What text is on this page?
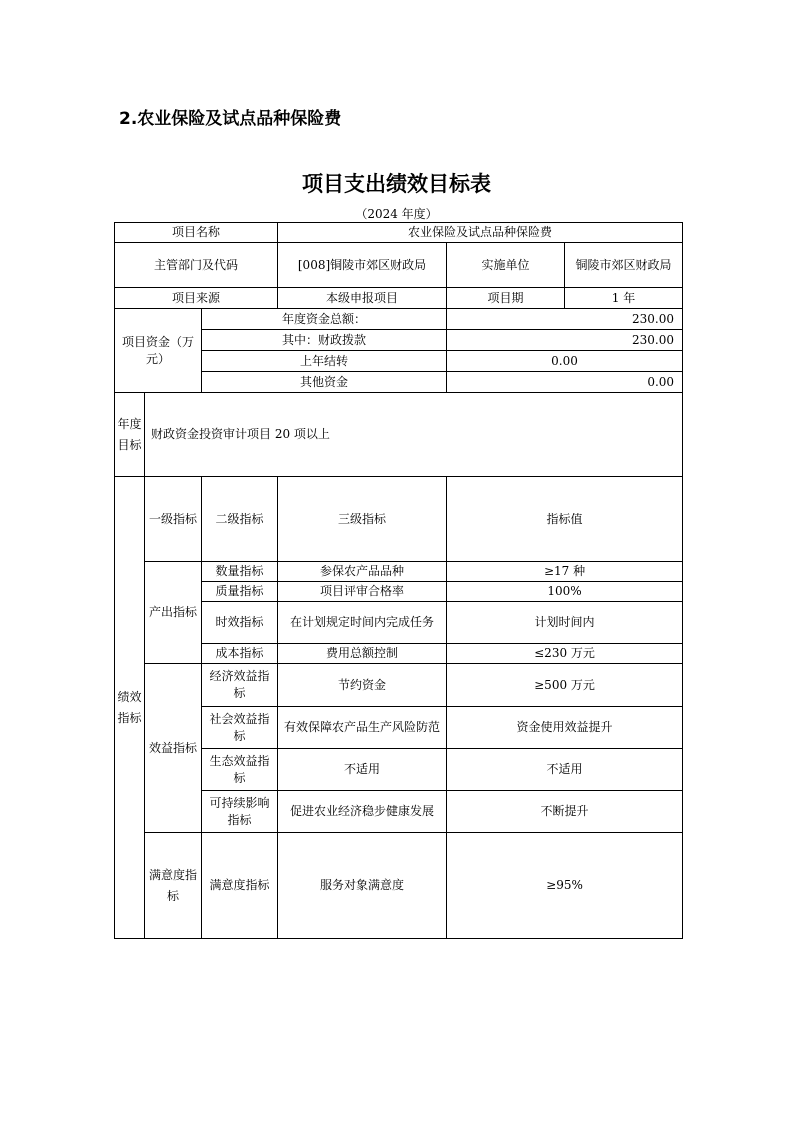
2.农业保险及试点品种保险费
项目支出绩效目标表
（2024 年度）
项目名称			农业保险及试点品种保险费		
主管部门及代码			[008]铜陵市郊区财政局	实施单位	铜陵市郊区财政局
项目来源			本级申报项目	项目期	1 年
项目资金（万元）		年度资金总额：		230.00	
		其中：财政拨款		230.00	
		上年结转		0.00	
		其他资金		0.00	
年度目标	财政资金投资审计项目 20 项以上				
绩效指标	一级指标	二级指标	三级指标	指标值	
	产出指标	数量指标	参保农产品品种	≥17 种	
		质量指标	项目评审合格率	100%	
		时效指标	在计划规定时间内完成任务	计划时间内	
		成本指标	费用总额控制	≤230 万元	
	效益指标	经济效益指标	节约资金	≥500 万元	
		社会效益指标	有效保障农产品生产风险防范	资金使用效益提升	
		生态效益指标	不适用	不适用	
		可持续影响指标	促进农业经济稳步健康发展	不断提升	
	满意度指标	满意度指标	服务对象满意度	≥95%	
